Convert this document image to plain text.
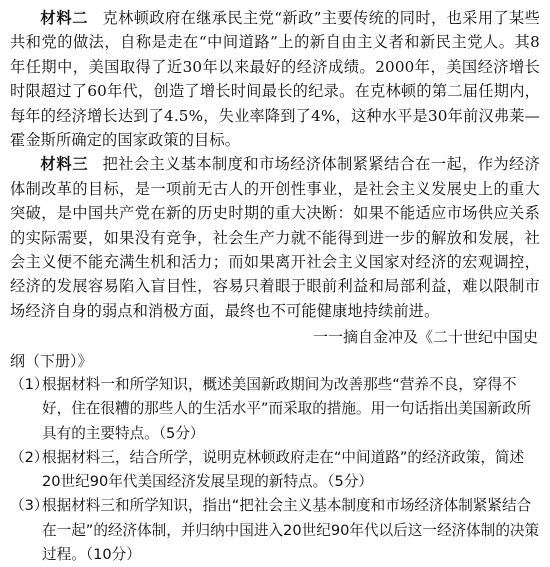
材料二 克林顿政府在继承民主党“新政”主要传统的同时，也采用了某些共和党的做法，自称是走在“中间道路”上的新自由主义者和新民主党人。其8年任期中，美国取得了近30年以来最好的经济成绩。2000年，美国经济增长时限超过了60年代，创造了增长时间最长的纪录。在克林顿的第二届任期内，每年的经济增长达到了4.5%，失业率降到了4%，这种水平是30年前汉弗莱—霍金斯所确定的国家政策的目标。

材料三 把社会主义基本制度和市场经济体制紧紧结合在一起，作为经济体制改革的目标，是一项前无古人的开创性事业，是社会主义发展史上的重大突破，是中国共产党在新的历史时期的重大决断：如果不能适应市场供应关系的实际需要，如果没有竞争，社会生产力就不能得到进一步的解放和发展，社会主义便不能充满生机和活力；而如果离开社会主义国家对经济的宏观调控，经济的发展容易陷入盲目性，容易只着眼于眼前利益和局部利益，难以限制市场经济自身的弱点和消极方面，最终也不可能健康地持续前进。

一一摘自金冲及《二十世纪中国史

纲（下册）》

（1）
根据材料一和所学知识，概述美国新政期间为改善那些“营养不良，穿得不好，住在很糟的那些人的生活水平”而采取的措施。用一句话指出美国新政所具有的主要特点。（5分）
（2）
根据材料三，结合所学，说明克林顿政府走在“中间道路”的经济政策，简述20世纪90年代美国经济发展呈现的新特点。（5分）
（3）
根据材料三和所学知识，指出“把社会主义基本制度和市场经济体制紧紧结合在一起”的经济体制，并归纳中国进入20世纪90年代以后这一经济体制的决策过程。（10分）
